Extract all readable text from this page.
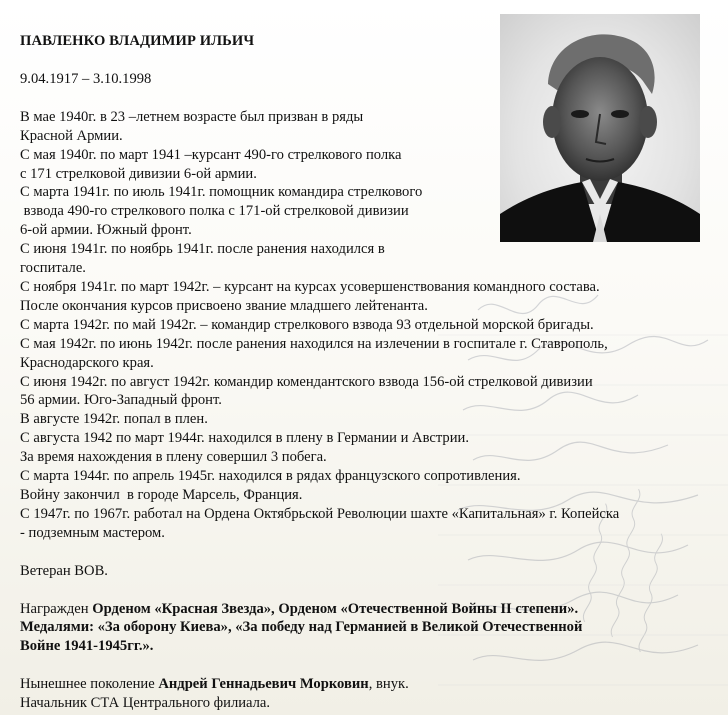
ПАВЛЕНКО ВЛАДИМИР ИЛЬИЧ
9.04.1917 – 3.10.1998
В мае 1940г. в 23 –летнем возрасте был призван в ряды
Красной Армии.
С мая 1940г. по март 1941 –курсант 490-го стрелкового полка
с 171 стрелковой дивизии 6-ой армии.
С марта 1941г. по июль 1941г. помощник командира стрелкового
взвода 490-го стрелкового полка с 171-ой стрелковой дивизии
6-ой армии. Южный фронт.
С июня 1941г. по ноябрь 1941г. после ранения находился в
госпитале.
С ноября 1941г. по март 1942г. – курсант на курсах усовершенствования командного состава.
После окончания курсов присвоено звание младшего лейтенанта.
С марта 1942г. по май 1942г. – командир стрелкового взвода 93 отдельной морской бригады.
С мая 1942г. по июнь 1942г. после ранения находился на излечении в госпитале г. Ставрополь,
Краснодарского края.
С июня 1942г. по август 1942г. командир комендантского взвода 156-ой стрелковой дивизии
56 армии. Юго-Западный фронт.
В августе 1942г. попал в плен.
С августа 1942 по март 1944г. находился в плену в Германии и Австрии.
За время нахождения в плену совершил 3 побега.
С марта 1944г. по апрель 1945г. находился в рядах французского сопротивления.
Войну закончил  в городе Марсель, Франция.
С 1947г. по 1967г. работал на Ордена Октябрьской Революции шахте «Капитальная» г. Копейска
- подземным мастером.
Ветеран ВОВ.
Награжден Орденом «Красная Звезда», Орденом «Отечественной Войны II степени».
Медалями: «За оборону Киева», «За победу над Германией в Великой Отечественной
Войне 1941-1945гг.».
Нынешнее поколение Андрей Геннадьевич Морковин, внук.
Начальник СТА Центрального филиала.
